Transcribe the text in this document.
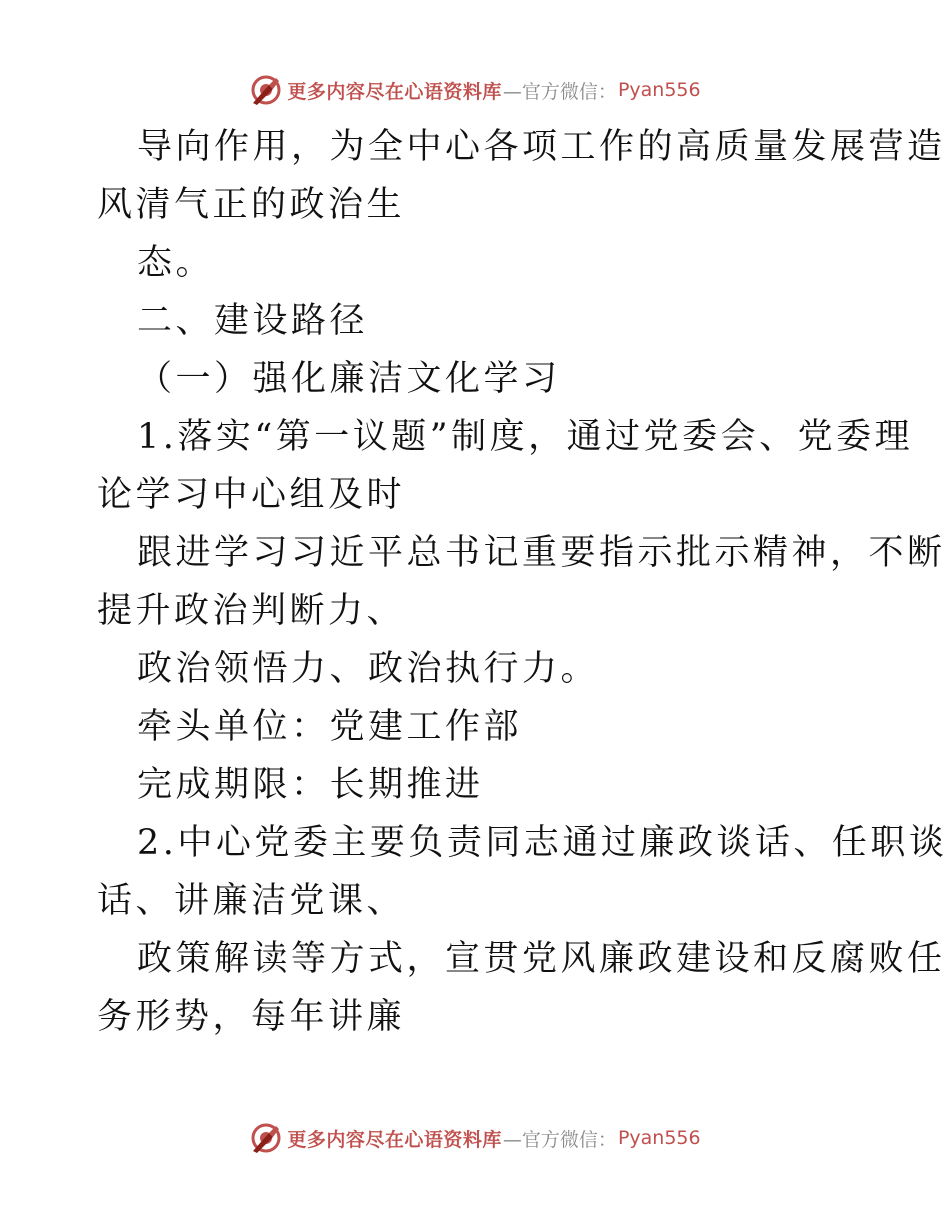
更多内容尽在心语资料库 —官方微信： Pyan556

导向作用，为全中心各项工作的高质量发展营造

风清气正的政治生

态。

二、建设路径

（一）强化廉洁文化学习

1.落实“第一议题”制度，通过党委会、党委理

论学习中心组及时

跟进学习习近平总书记重要指示批示精神，不断

提升政治判断力、

政治领悟力、政治执行力。

牵头单位：党建工作部

完成期限：长期推进

2.中心党委主要负责同志通过廉政谈话、任职谈

话、讲廉洁党课、

政策解读等方式，宣贯党风廉政建设和反腐败任

务形势，每年讲廉

更多内容尽在心语资料库 —官方微信： Pyan556
